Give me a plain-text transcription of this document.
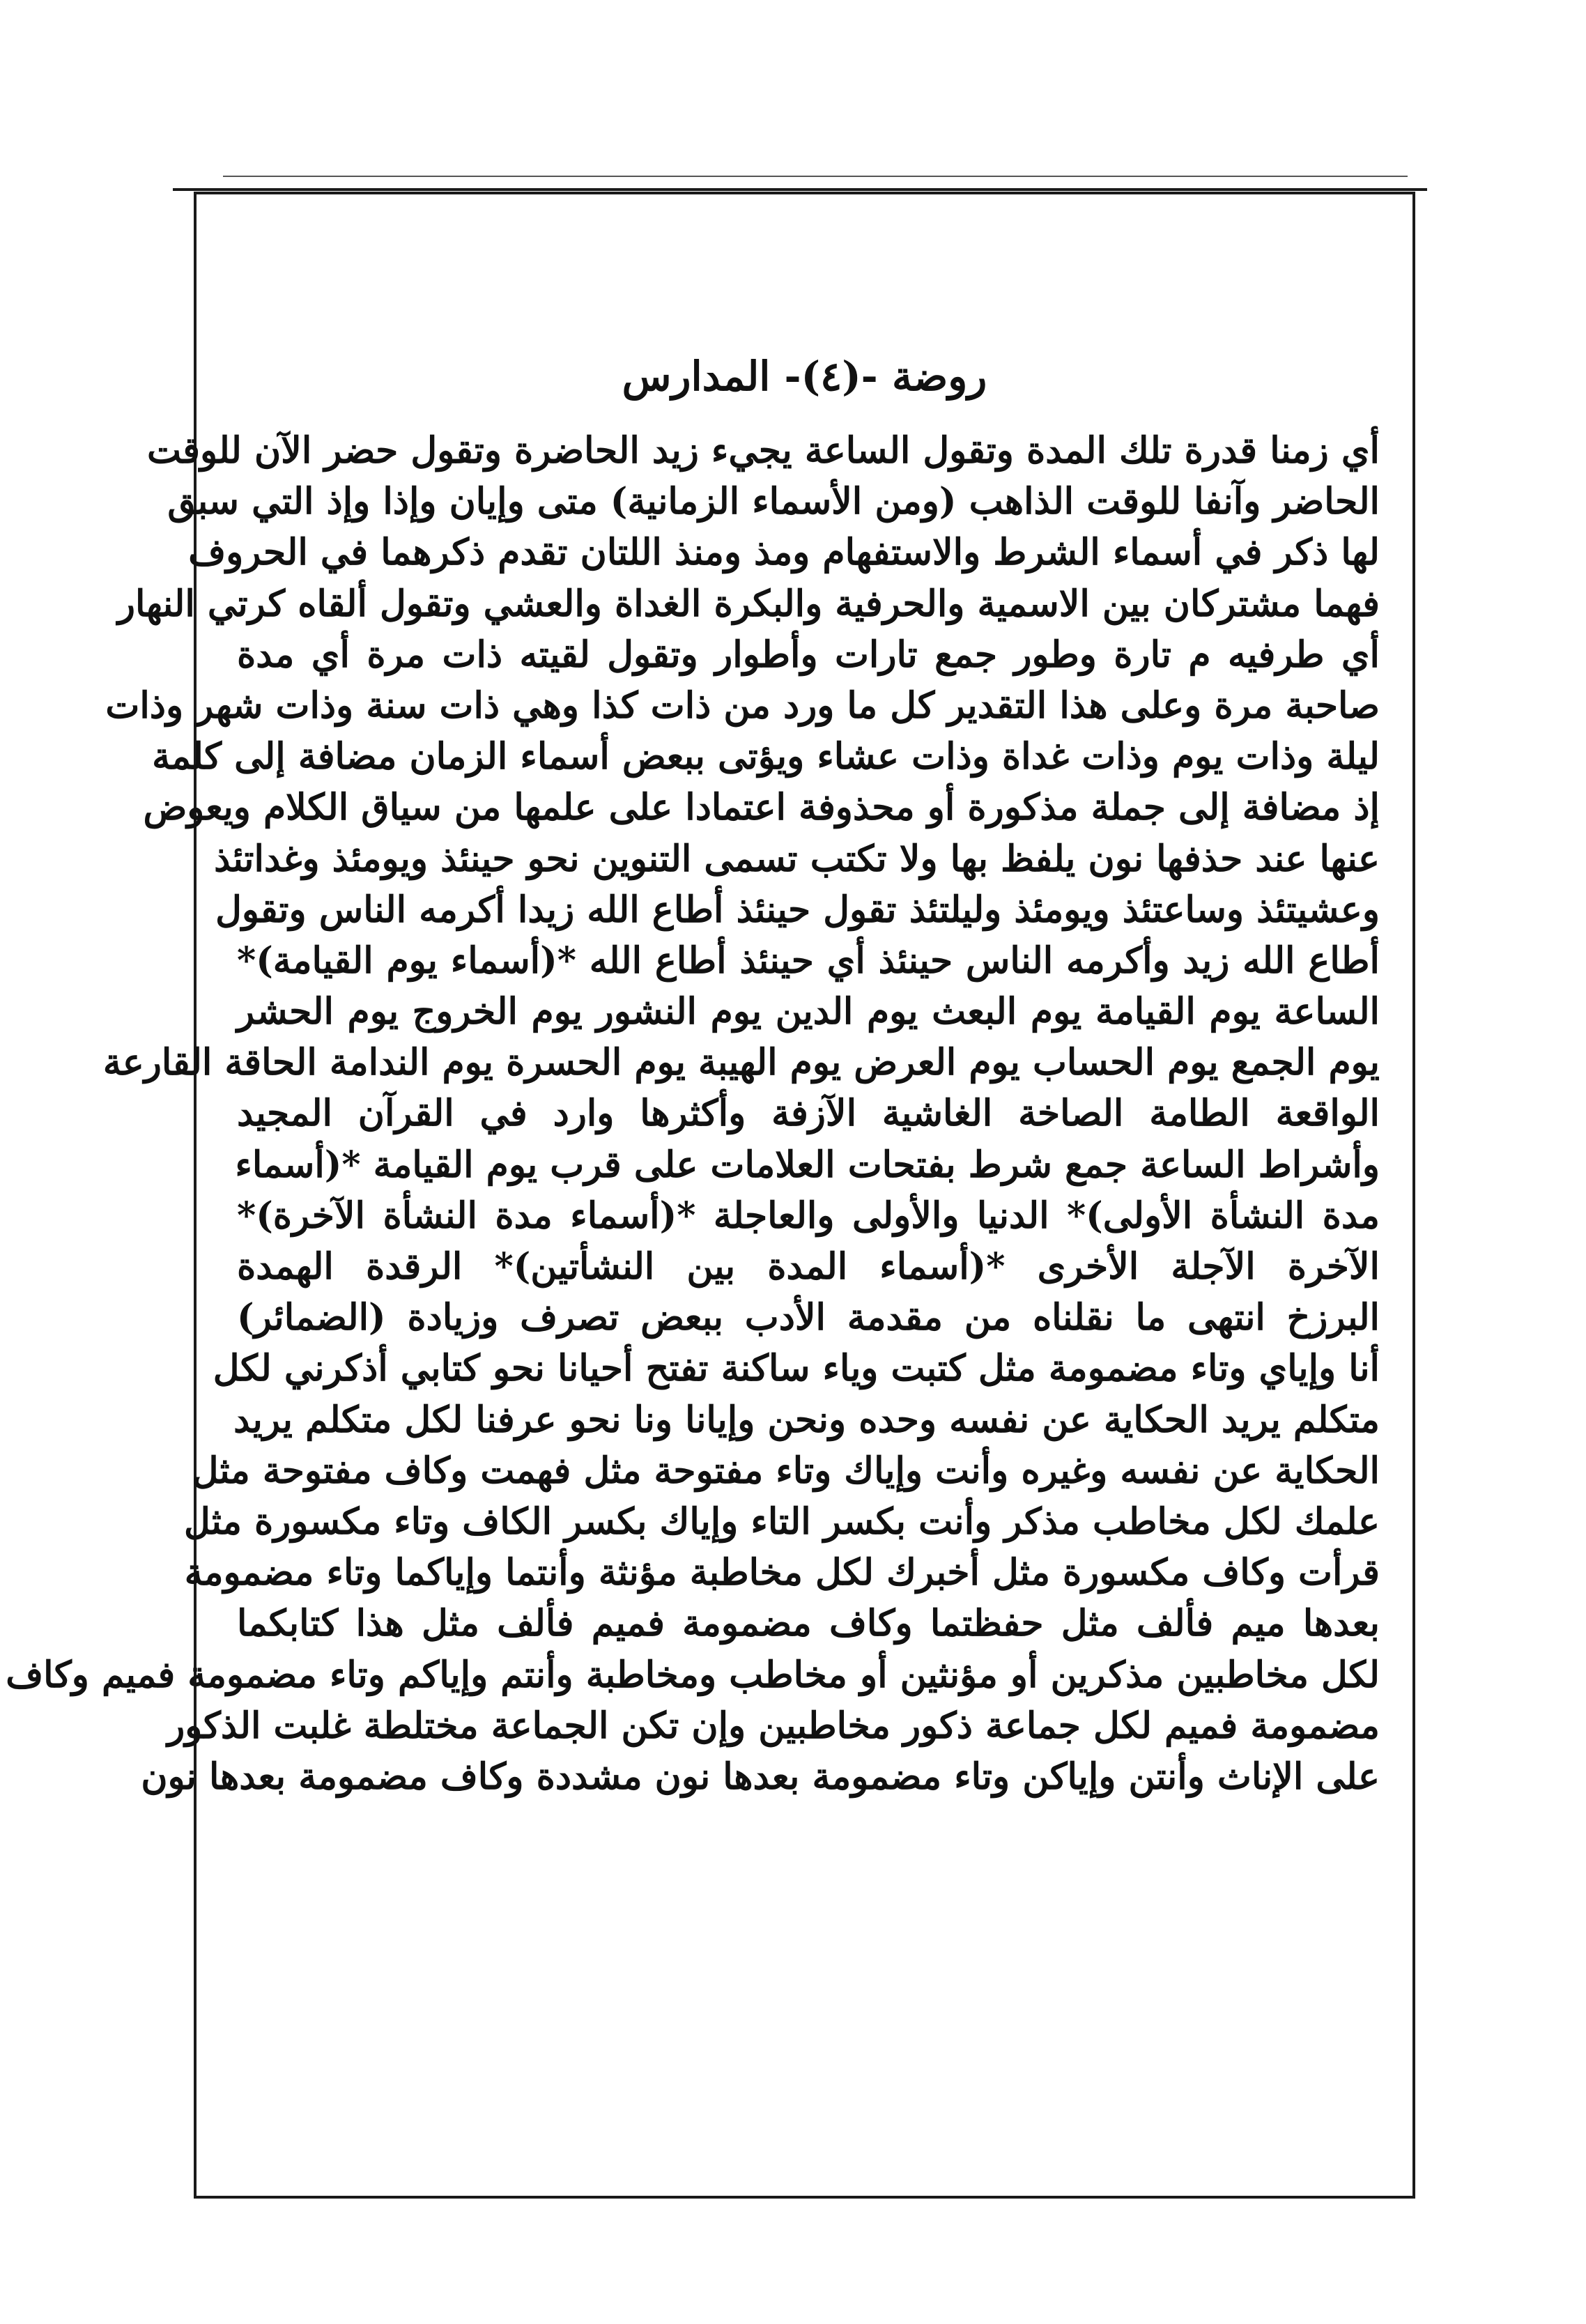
روضة -(٤)- المدارس
أي زمنا قدرة تلك المدة وتقول الساعة يجيء زيد الحاضرة وتقول حضر الآن للوقت
الحاضر وآنفا للوقت الذاهب (ومن الأسماء الزمانية) متى وإيان وإذا وإذ التي سبق
لها ذكر في أسماء الشرط والاستفهام ومذ ومنذ اللتان تقدم ذكرهما في الحروف
فهما مشتركان بين الاسمية والحرفية والبكرة الغداة والعشي وتقول ألقاه كرتي النهار
أي طرفيه م تارة وطور جمع تارات وأطوار وتقول لقيته ذات مرة أي مدة
صاحبة مرة وعلى هذا التقدير كل ما ورد من ذات كذا وهي ذات سنة وذات شهر وذات
ليلة وذات يوم وذات غداة وذات عشاء ويؤتى ببعض أسماء الزمان مضافة إلى كلمة
إذ مضافة إلى جملة مذكورة أو محذوفة اعتمادا على علمها من سياق الكلام ويعوض
عنها عند حذفها نون يلفظ بها ولا تكتب تسمى التنوين نحو حينئذ ويومئذ وغداتئذ
وعشيتئذ وساعتئذ ويومئذ وليلتئذ تقول حينئذ أطاع الله زيدا أكرمه الناس وتقول
أطاع الله زيد وأكرمه الناس حينئذ أي حينئذ أطاع الله *(أسماء يوم القيامة)*
الساعة يوم القيامة يوم البعث يوم الدين يوم النشور يوم الخروج يوم الحشر
يوم الجمع يوم الحساب يوم العرض يوم الهيبة يوم الحسرة يوم الندامة الحاقة القارعة
الواقعة الطامة الصاخة الغاشية الآزفة وأكثرها وارد في القرآن المجيد
وأشراط الساعة جمع شرط بفتحات العلامات على قرب يوم القيامة *(أسماء
مدة النشأة الأولى)* الدنيا والأولى والعاجلة *(أسماء مدة النشأة الآخرة)*
الآخرة الآجلة الأخرى *(أسماء المدة بين النشأتين)* الرقدة الهمدة
البرزخ انتهى ما نقلناه من مقدمة الأدب ببعض تصرف وزيادة (الضمائر)
أنا وإياي وتاء مضمومة مثل كتبت وياء ساكنة تفتح أحيانا نحو كتابي أذكرني لكل
متكلم يريد الحكاية عن نفسه وحده ونحن وإيانا ونا نحو عرفنا لكل متكلم يريد
الحكاية عن نفسه وغيره وأنت وإياك وتاء مفتوحة مثل فهمت وكاف مفتوحة مثل
علمك لكل مخاطب مذكر وأنت بكسر التاء وإياك بكسر الكاف وتاء مكسورة مثل
قرأت وكاف مكسورة مثل أخبرك لكل مخاطبة مؤنثة وأنتما وإياكما وتاء مضمومة
بعدها ميم فألف مثل حفظتما وكاف مضمومة فميم فألف مثل هذا كتابكما
لكل مخاطبين مذكرين أو مؤنثين أو مخاطب ومخاطبة وأنتم وإياكم وتاء مضمومة فميم وكاف
مضمومة فميم لكل جماعة ذكور مخاطبين وإن تكن الجماعة مختلطة غلبت الذكور
على الإناث وأنتن وإياكن وتاء مضمومة بعدها نون مشددة وكاف مضمومة بعدها نون
